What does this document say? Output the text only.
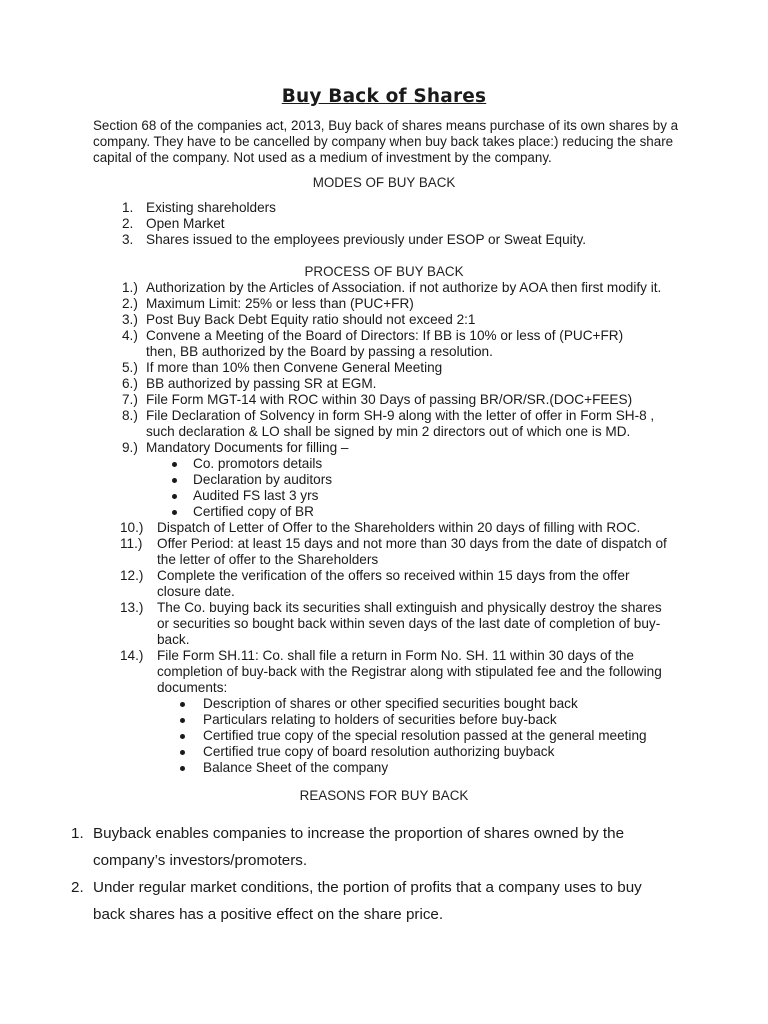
Buy Back of Shares
Section 68 of the companies act, 2013, Buy back of shares means purchase of its own shares by a company. They have to be cancelled by company when buy back takes place:) reducing the share capital of the company. Not used as a medium of investment by the company.
MODES OF BUY BACK
1. Existing shareholders
2. Open Market
3. Shares issued to the employees previously under ESOP or Sweat Equity.
PROCESS OF BUY BACK
1.) Authorization by the Articles of Association. if not authorize by AOA then first modify it.
2.) Maximum Limit: 25% or less than (PUC+FR)
3.) Post Buy Back Debt Equity ratio should not exceed 2:1
4.) Convene a Meeting of the Board of Directors: If BB is 10% or less of (PUC+FR)
then, BB authorized by the Board by passing a resolution.
5.) If more than 10% then Convene General Meeting
6.) BB authorized by passing SR at EGM.
7.) File Form MGT-14 with ROC within 30 Days of passing BR/OR/SR.(DOC+FEES)
8.) File Declaration of Solvency in form SH-9 along with the letter of offer in Form SH-8 ,
such declaration & LO shall be signed by min 2 directors out of which one is MD.
9.) Mandatory Documents for filling –
Co. promotors details
Declaration by auditors
Audited FS last 3 yrs
Certified copy of BR
10.) Dispatch of Letter of Offer to the Shareholders within 20 days of filling with ROC.
11.) Offer Period: at least 15 days and not more than 30 days from the date of dispatch of
the letter of offer to the Shareholders
12.) Complete the verification of the offers so received within 15 days from the offer
closure date.
13.) The Co. buying back its securities shall extinguish and physically destroy the shares
or securities so bought back within seven days of the last date of completion of buy-
back.
14.) File Form SH.11: Co. shall file a return in Form No. SH. 11 within 30 days of the
completion of buy-back with the Registrar along with stipulated fee and the following
documents:
Description of shares or other specified securities bought back
Particulars relating to holders of securities before buy-back
Certified true copy of the special resolution passed at the general meeting
Certified true copy of board resolution authorizing buyback
Balance Sheet of the company
REASONS FOR BUY BACK
1. Buyback enables companies to increase the proportion of shares owned by the
company’s investors/promoters.
2. Under regular market conditions, the portion of profits that a company uses to buy
back shares has a positive effect on the share price.
